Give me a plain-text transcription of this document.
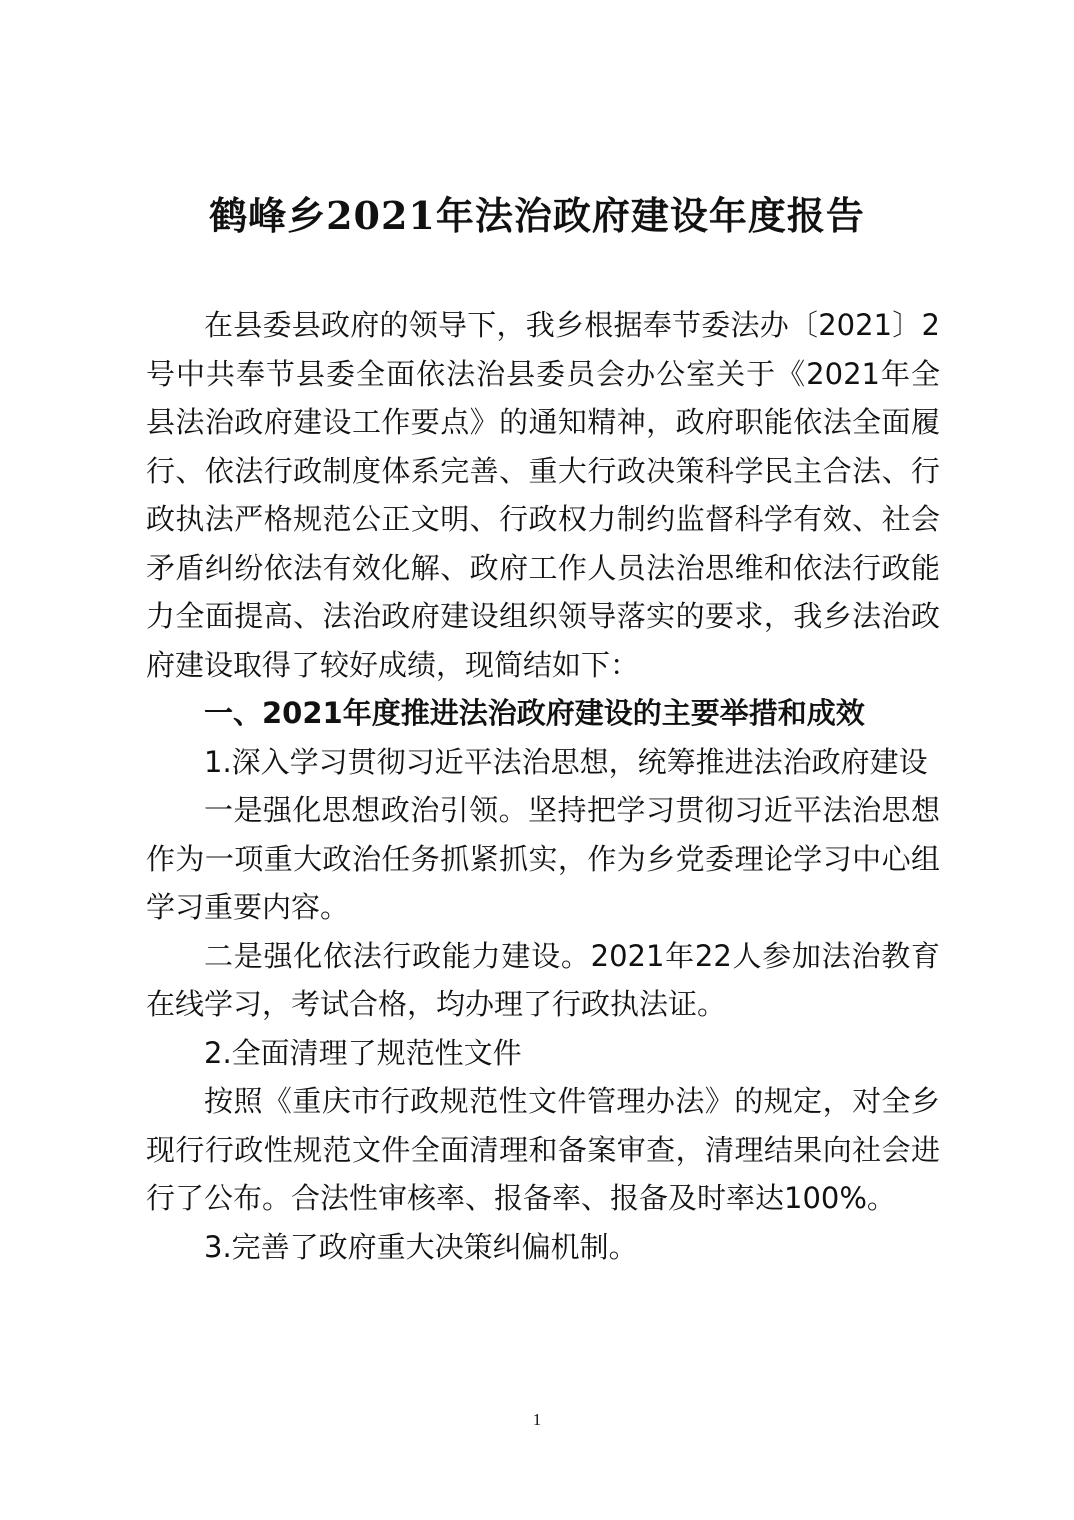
鹤峰乡2021年法治政府建设年度报告

在县委县政府的领导下，我乡根据奉节委法办〔2021〕2号中共奉节县委全面依法治县委员会办公室关于《2021年全县法治政府建设工作要点》的通知精神，政府职能依法全面履行、依法行政制度体系完善、重大行政决策科学民主合法、行政执法严格规范公正文明、行政权力制约监督科学有效、社会矛盾纠纷依法有效化解、政府工作人员法治思维和依法行政能力全面提高、法治政府建设组织领导落实的要求，我乡法治政府建设取得了较好成绩，现简结如下：

一、2021年度推进法治政府建设的主要举措和成效

1.深入学习贯彻习近平法治思想，统筹推进法治政府建设

一是强化思想政治引领。坚持把学习贯彻习近平法治思想作为一项重大政治任务抓紧抓实，作为乡党委理论学习中心组学习重要内容。

二是强化依法行政能力建设。2021年22人参加法治教育在线学习，考试合格，均办理了行政执法证。

2.全面清理了规范性文件

按照《重庆市行政规范性文件管理办法》的规定，对全乡现行行政性规范文件全面清理和备案审查，清理结果向社会进行了公布。合法性审核率、报备率、报备及时率达100%。

3.完善了政府重大决策纠偏机制。

1
